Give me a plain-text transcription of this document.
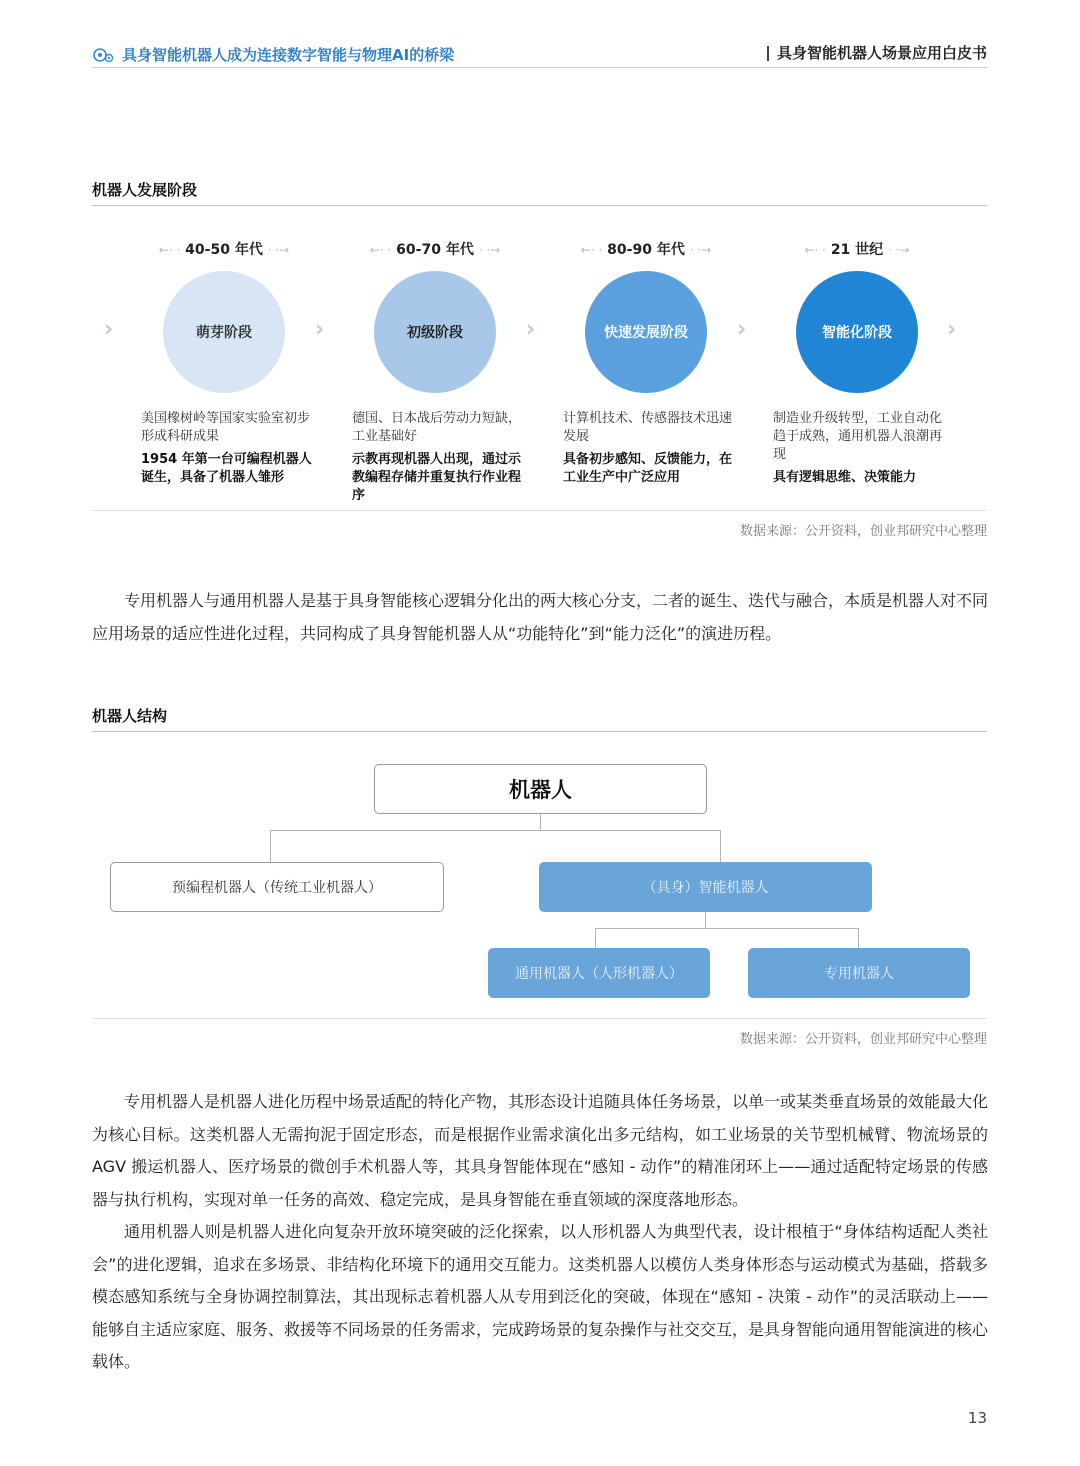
具身智能机器人成为连接数字智能与物理AI的桥梁	具身智能机器人场景应用白皮书
机器人发展阶段
←· · 40-50 年代 · ·→	←· · 60-70 年代 · ·→	←· · 80-90 年代 · ·→	←· · 21 世纪 · ·→
›››	›››	›››	›››	›››
萌芽阶段	初级阶段	快速发展阶段	智能化阶段
美国橡树岭等国家实验室初步形成科研成果
1954 年第一台可编程机器人诞生，具备了机器人雏形
德国、日本战后劳动力短缺，工业基础好
示教再现机器人出现，通过示教编程存储并重复执行作业程序
计算机技术、传感器技术迅速发展
具备初步感知、反馈能力，在工业生产中广泛应用
制造业升级转型，工业自动化趋于成熟，通用机器人浪潮再现
具有逻辑思维、决策能力
数据来源：公开资料，创业邦研究中心整理
专用机器人与通用机器人是基于具身智能核心逻辑分化出的两大核心分支，二者的诞生、迭代与融合，本质是机器人对不同应用场景的适应性进化过程，共同构成了具身智能机器人从“功能特化”到“能力泛化”的演进历程。
机器人结构
机器人
预编程机器人（传统工业机器人）	（具身）智能机器人
通用机器人（人形机器人）	专用机器人
数据来源：公开资料，创业邦研究中心整理
专用机器人是机器人进化历程中场景适配的特化产物，其形态设计追随具体任务场景，以单一或某类垂直场景的效能最大化为核心目标。这类机器人无需拘泥于固定形态，而是根据作业需求演化出多元结构，如工业场景的关节型机械臂、物流场景的 AGV 搬运机器人、医疗场景的微创手术机器人等，其具身智能体现在“感知 - 动作”的精准闭环上——通过适配特定场景的传感器与执行机构，实现对单一任务的高效、稳定完成，是具身智能在垂直领域的深度落地形态。
通用机器人则是机器人进化向复杂开放环境突破的泛化探索，以人形机器人为典型代表，设计根植于“身体结构适配人类社会”的进化逻辑，追求在多场景、非结构化环境下的通用交互能力。这类机器人以模仿人类身体形态与运动模式为基础，搭载多模态感知系统与全身协调控制算法，其出现标志着机器人从专用到泛化的突破，体现在“感知 - 决策 - 动作”的灵活联动上——能够自主适应家庭、服务、救援等不同场景的任务需求，完成跨场景的复杂操作与社交交互，是具身智能向通用智能演进的核心载体。
13
